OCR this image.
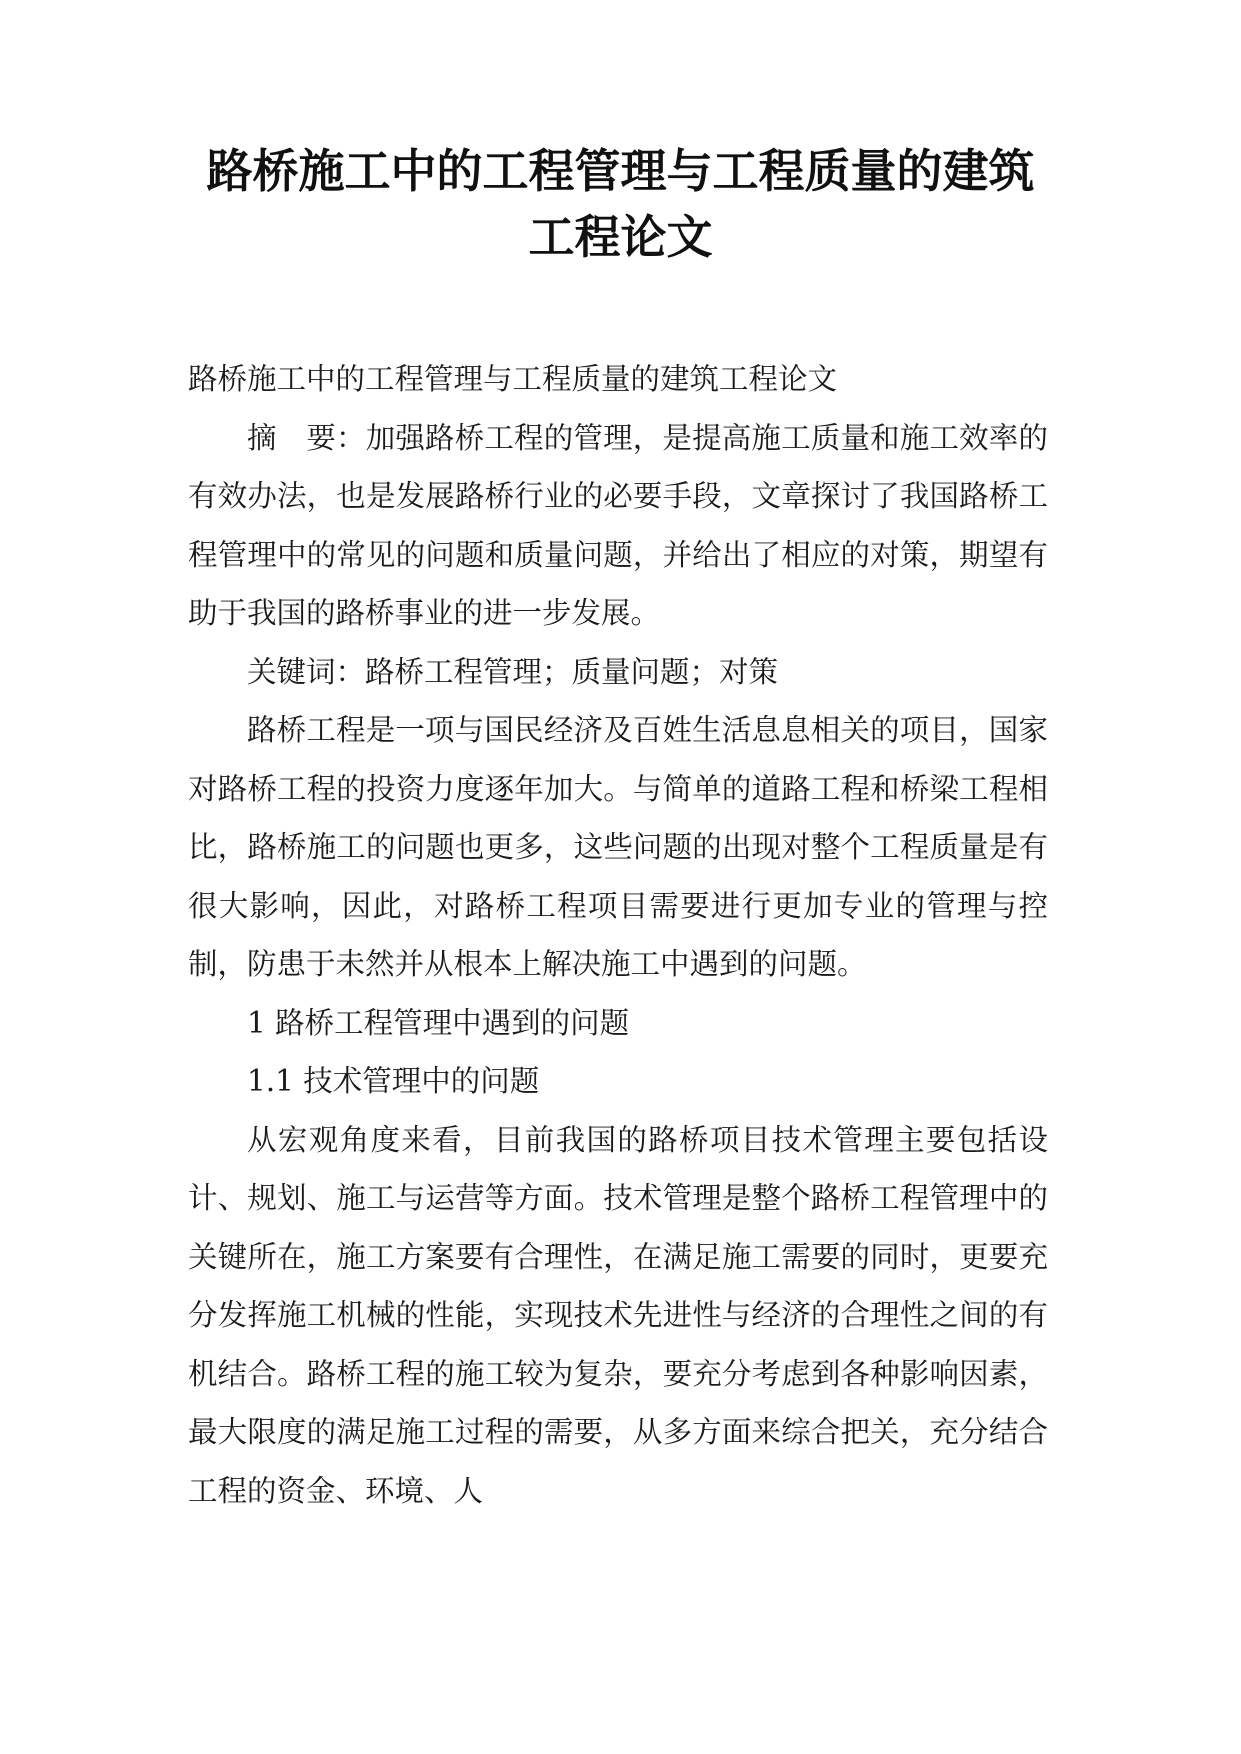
路桥施工中的工程管理与工程质量的建筑
工程论文

路桥施工中的工程管理与工程质量的建筑工程论文

摘　要：加强路桥工程的管理，是提高施工质量和施工效率的有效办法，也是发展路桥行业的必要手段，文章探讨了我国路桥工程管理中的常见的问题和质量问题，并给出了相应的对策，期望有助于我国的路桥事业的进一步发展。

关键词：路桥工程管理；质量问题；对策

路桥工程是一项与国民经济及百姓生活息息相关的项目，国家对路桥工程的投资力度逐年加大。与简单的道路工程和桥梁工程相比，路桥施工的问题也更多，这些问题的出现对整个工程质量是有很大影响，因此，对路桥工程项目需要进行更加专业的管理与控制，防患于未然并从根本上解决施工中遇到的问题。

1 路桥工程管理中遇到的问题

1.1 技术管理中的问题

从宏观角度来看，目前我国的路桥项目技术管理主要包括设计、规划、施工与运营等方面。技术管理是整个路桥工程管理中的关键所在，施工方案要有合理性，在满足施工需要的同时，更要充分发挥施工机械的性能，实现技术先进性与经济的合理性之间的有机结合。路桥工程的施工较为复杂，要充分考虑到各种影响因素，最大限度的满足施工过程的需要，从多方面来综合把关，充分结合工程的资金、环境、人
